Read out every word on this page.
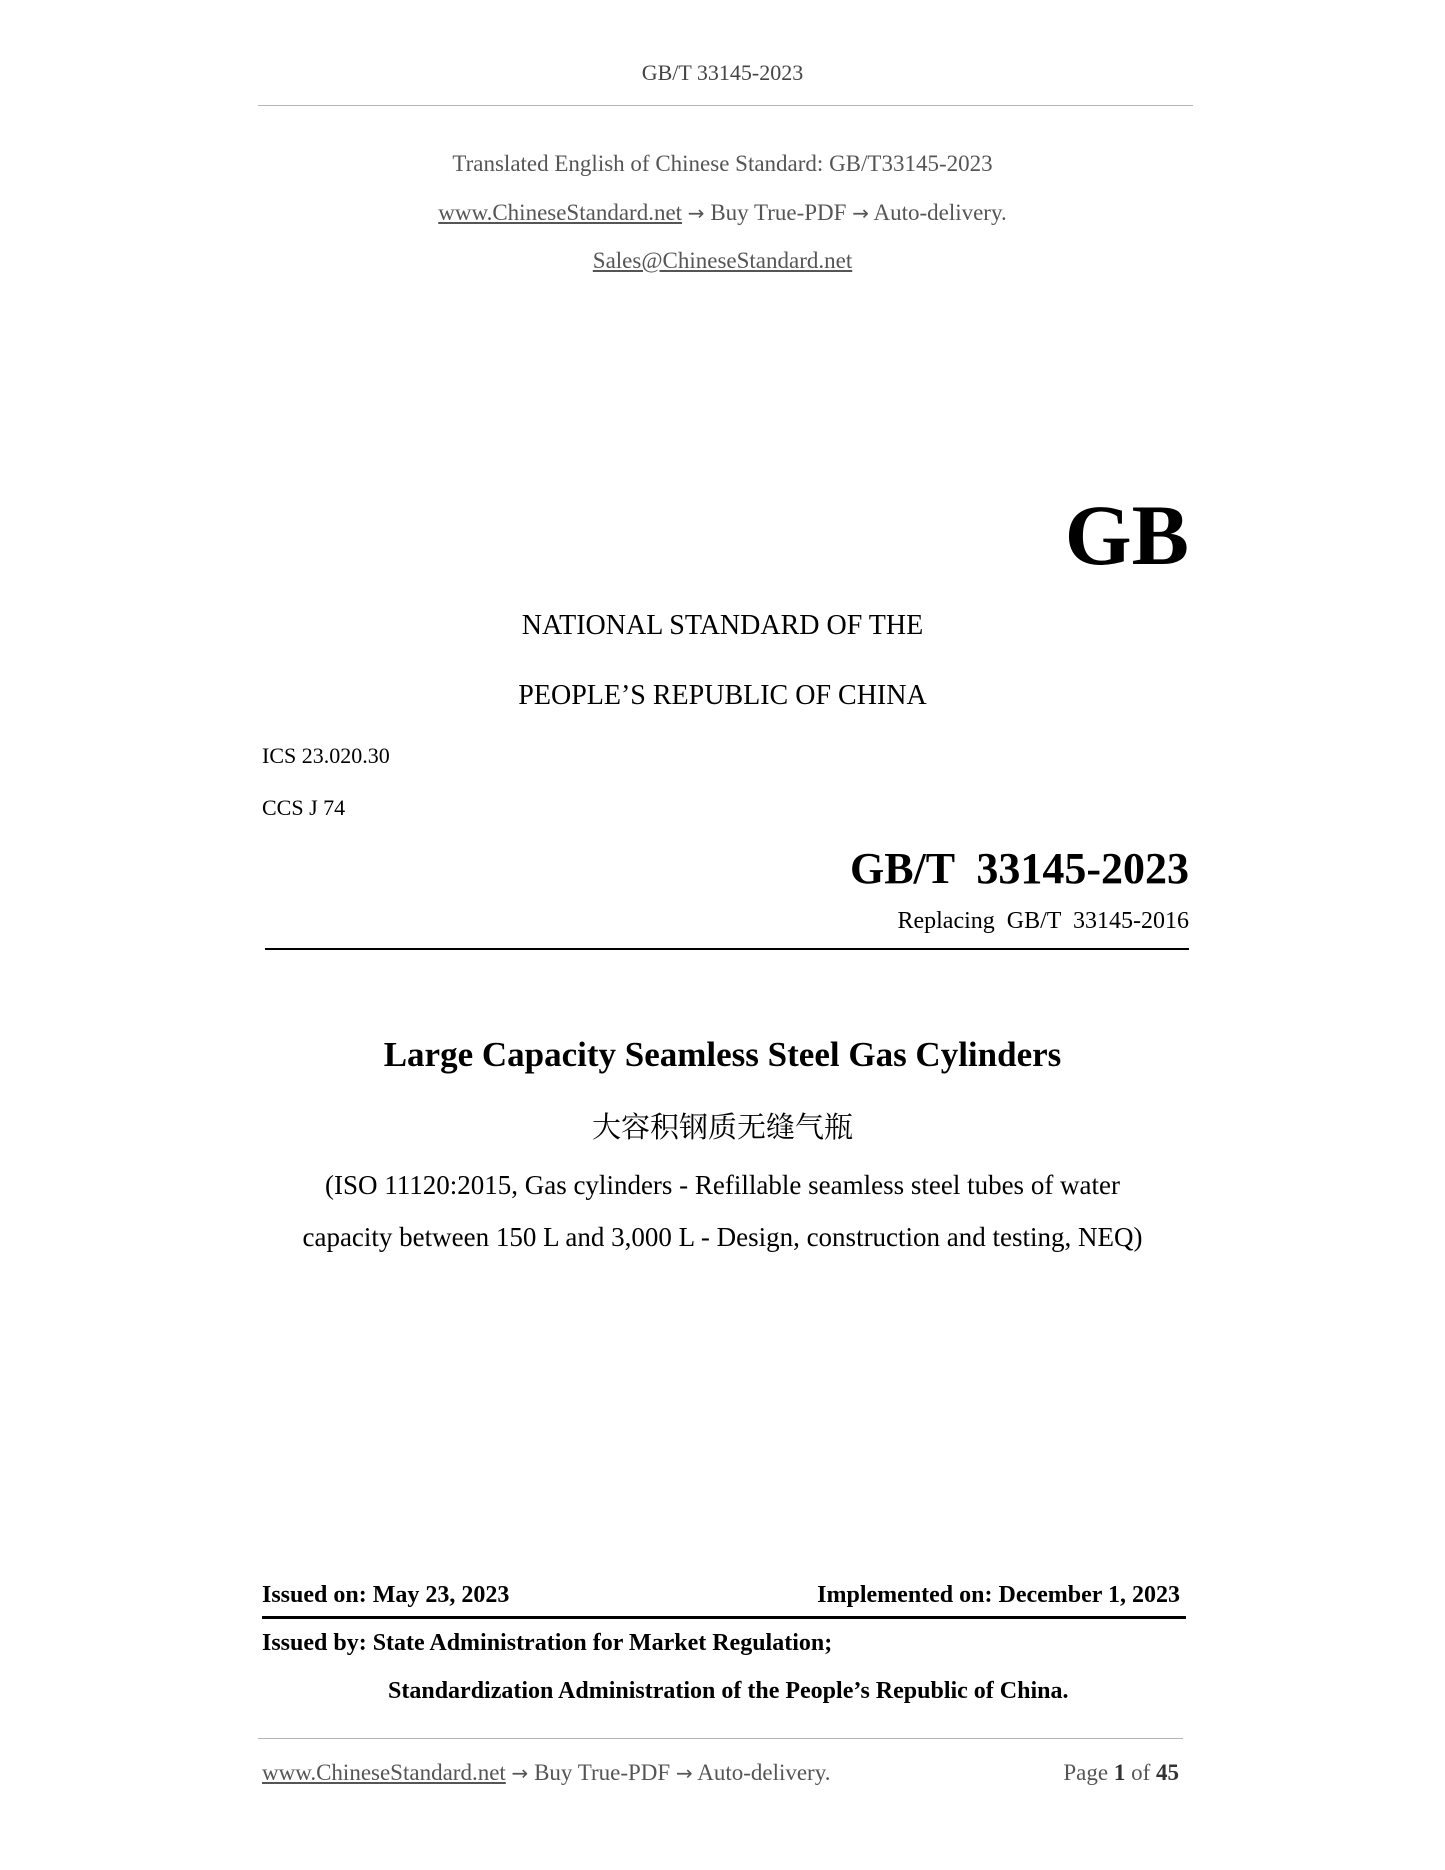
GB/T 33145-2023
Translated English of Chinese Standard: GB/T33145-2023
www.ChineseStandard.net → Buy True-PDF → Auto-delivery.
Sales@ChineseStandard.net
GB
NATIONAL STANDARD OF THE
PEOPLE’S REPUBLIC OF CHINA
ICS 23.020.30
CCS J 74
GB/T  33145-2023
Replacing  GB/T  33145-2016
Large Capacity Seamless Steel Gas Cylinders
大容积钢质无缝气瓶
(ISO 11120:2015, Gas cylinders - Refillable seamless steel tubes of water
capacity between 150 L and 3,000 L - Design, construction and testing, NEQ)
Issued on: May 23, 2023	Implemented on: December 1, 2023
Issued by: State Administration for Market Regulation;
Standardization Administration of the People’s Republic of China.
www.ChineseStandard.net → Buy True-PDF → Auto-delivery.	Page 1 of 45
